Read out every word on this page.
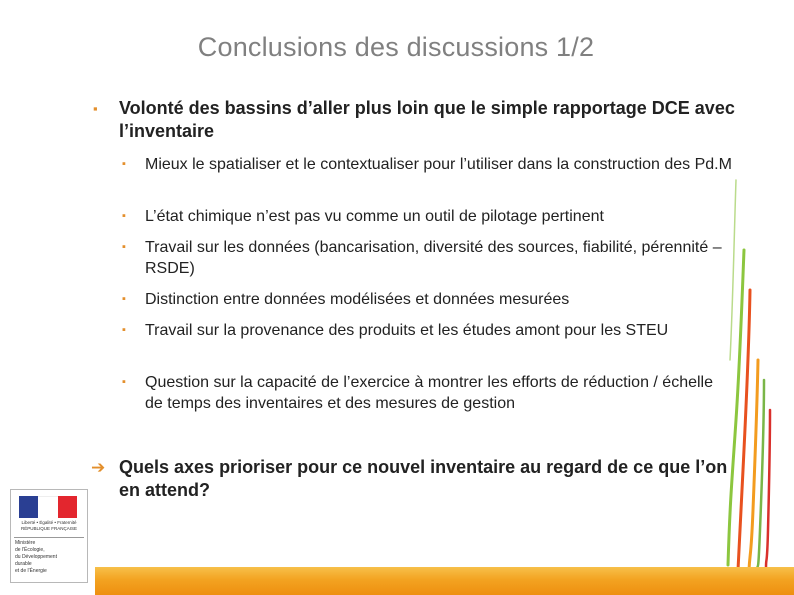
Conclusions des discussions 1/2
▪ Volonté des bassins d’aller plus loin que le simple rapportage DCE avec l’inventaire
▪ Mieux le spatialiser et le contextualiser pour l’utiliser dans la construction des Pd.M
▪ L’état chimique n’est pas vu comme un outil de pilotage pertinent
▪ Travail sur les données (bancarisation, diversité des sources, fiabilité, pérennité – RSDE)
▪ Distinction entre données modélisées et données mesurées
▪ Travail sur la provenance des produits et les études amont pour les STEU
▪ Question sur la capacité de l’exercice à montrer les efforts de réduction / échelle de temps des inventaires et des mesures de gestion
➔ Quels axes prioriser pour ce nouvel inventaire au regard de ce que l’on en attend?
Liberté • Égalité • Fraternité RÉPUBLIQUE FRANÇAISE
Ministère
de l'Écologie,
du Développement
durable
et de l'Énergie
